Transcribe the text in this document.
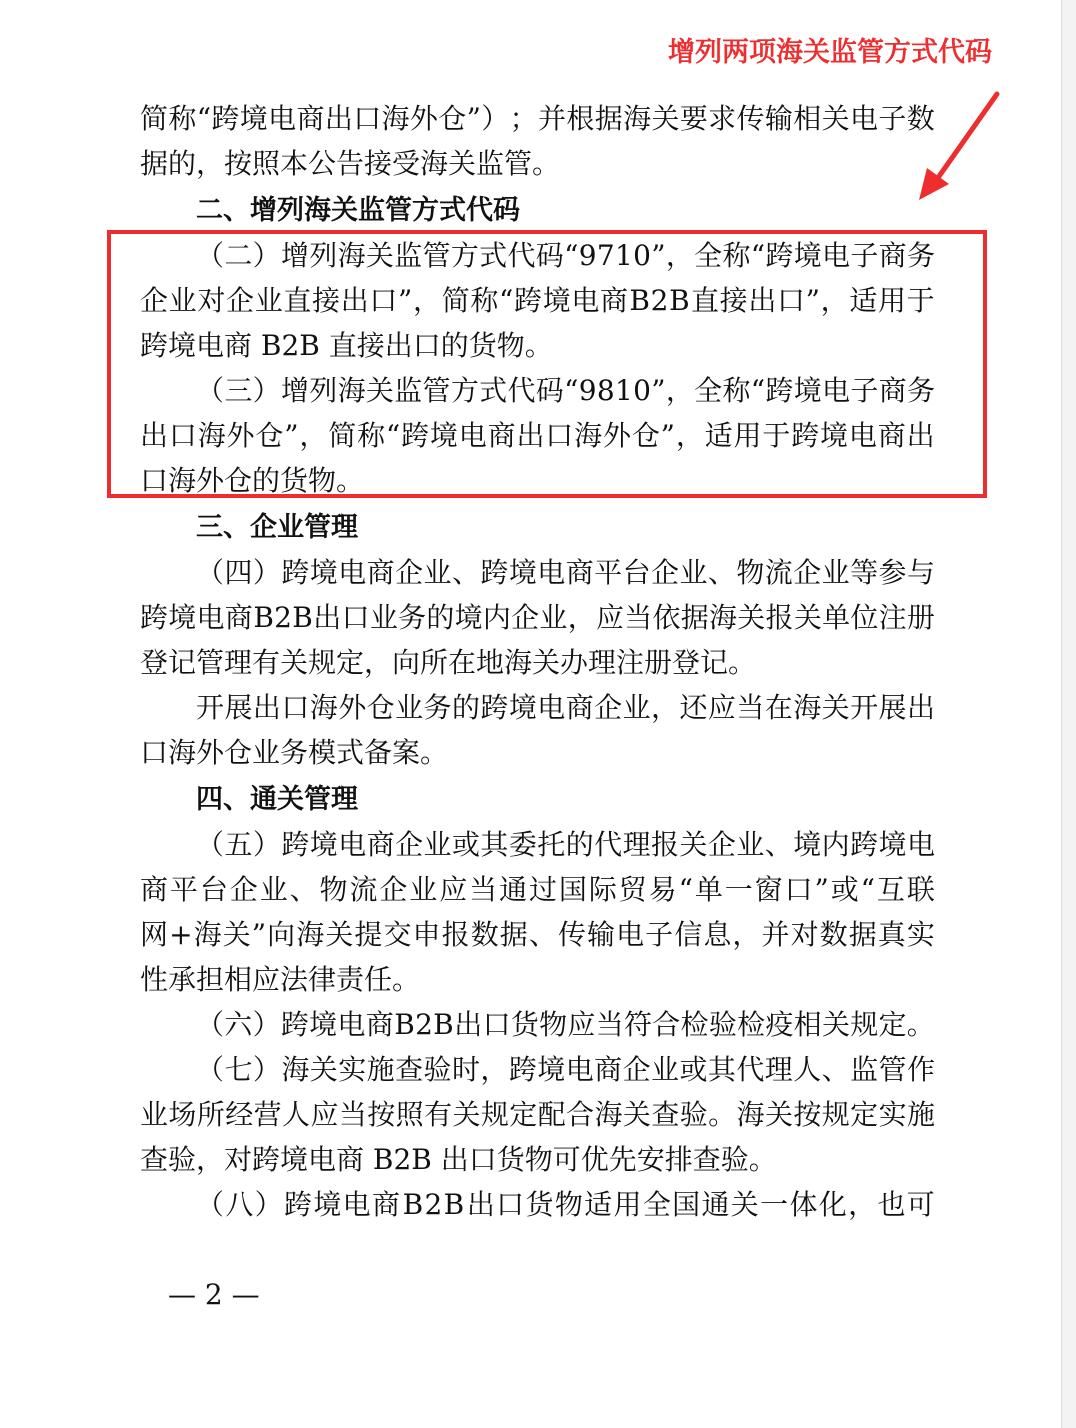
增列两项海关监管方式代码
简 称 “ 跨 境 电 商 出 口 海 外 仓 ” ） ； 并 根 据 海 关 要 求 传 输 相 关 电 子 数
据的，按照本公告接受海关监管。
二、增列海关监管方式代码
（ 二 ） 增 列 海 关 监 管 方 式 代 码 “ 9 7 1 0 ” ， 全 称 “ 跨 境 电 子 商 务
企 业 对 企 业 直 接 出 口 ” ， 简 称 “ 跨 境 电 商 B 2 B 直 接 出 口 ” ， 适 用 于
跨境电商 B2B 直接出口的货物。
（ 三 ） 增 列 海 关 监 管 方 式 代 码 “ 9 8 1 0 ” ， 全 称 “ 跨 境 电 子 商 务
出 口 海 外 仓 ” ， 简 称 “ 跨 境 电 商 出 口 海 外 仓 ” ， 适 用 于 跨 境 电 商 出
口海外仓的货物。
三、企业管理
（ 四 ） 跨 境 电 商 企 业 、 跨 境 电 商 平 台 企 业 、 物 流 企 业 等 参 与
跨 境 电 商 B 2 B 出 口 业 务 的 境 内 企 业 ， 应 当 依 据 海 关 报 关 单 位 注 册
登记管理有关规定，向所在地海关办理注册登记。
开 展 出 口 海 外 仓 业 务 的 跨 境 电 商 企 业 ， 还 应 当 在 海 关 开 展 出
口海外仓业务模式备案。
四、通关管理
（ 五 ） 跨 境 电 商 企 业 或 其 委 托 的 代 理 报 关 企 业 、 境 内 跨 境 电
商 平 台 企 业 、 物 流 企 业 应 当 通 过 国 际 贸 易 “ 单 一 窗 口 ” 或 “ 互 联
网 + 海 关 ” 向 海 关 提 交 申 报 数 据 、 传 输 电 子 信 息 ， 并 对 数 据 真 实
性承担相应法律责任。
（ 六 ） 跨 境 电 商 B 2 B 出 口 货 物 应 当 符 合 检 验 检 疫 相 关 规 定 。
（ 七 ） 海 关 实 施 查 验 时 ， 跨 境 电 商 企 业 或 其 代 理 人 、 监 管 作
业 场 所 经 营 人 应 当 按 照 有 关 规 定 配 合 海 关 查 验 。 海 关 按 规 定 实 施
查验，对跨境电商 B2B 出口货物可优先安排查验。
（ 八 ） 跨 境 电 商 B 2 B 出 口 货 物 适 用 全 国 通 关 一 体 化 ， 也 可
— 2 —
